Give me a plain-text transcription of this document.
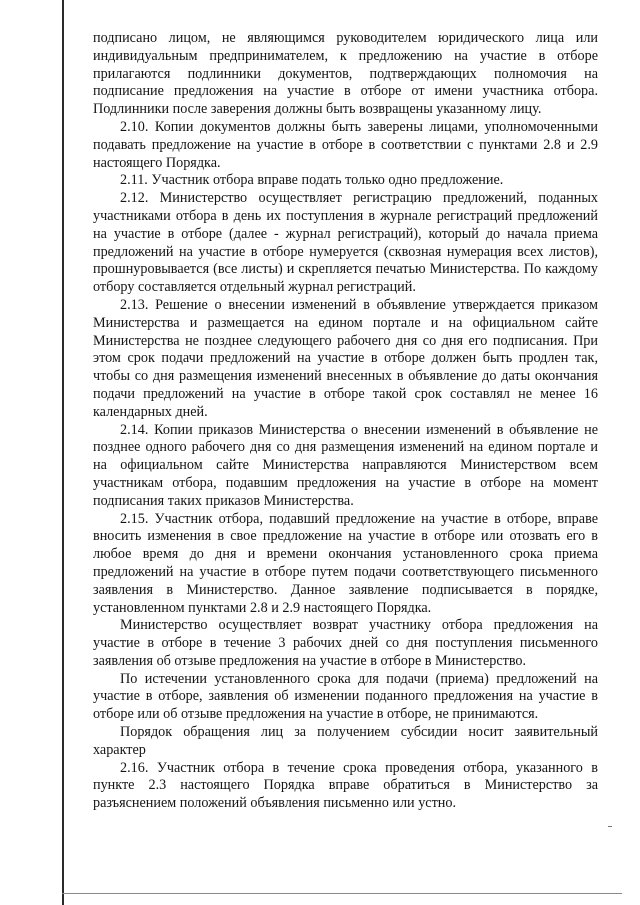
подписано лицом, не являющимся руководителем юридического лица или индивидуальным предпринимателем, к предложению на участие в отборе прилагаются подлинники документов, подтверждающих полномочия на подписание предложения на участие в отборе от имени участника отбора. Подлинники после заверения должны быть возвращены указанному лицу.

2.10. Копии документов должны быть заверены лицами, уполномоченными подавать предложение на участие в отборе в соответствии с пунктами 2.8 и 2.9 настоящего Порядка.

2.11. Участник отбора вправе подать только одно предложение.

2.12. Министерство осуществляет регистрацию предложений, поданных участниками отбора в день их поступления в журнале регистраций предложений на участие в отборе (далее - журнал регистраций), который до начала приема предложений на участие в отборе нумеруется (сквозная нумерация всех листов), прошнуровывается (все листы) и скрепляется печатью Министерства. По каждому отбору составляется отдельный журнал регистраций.

2.13. Решение о внесении изменений в объявление утверждается приказом Министерства и размещается на едином портале и на официальном сайте Министерства не позднее следующего рабочего дня со дня его подписания. При этом срок подачи предложений на участие в отборе должен быть продлен так, чтобы со дня размещения изменений внесенных в объявление до даты окончания подачи предложений на участие в отборе такой срок составлял не менее 16 календарных дней.

2.14. Копии приказов Министерства о внесении изменений в объявление не позднее одного рабочего дня со дня размещения изменений на едином портале и на официальном сайте Министерства направляются Министерством всем участникам отбора, подавшим предложения на участие в отборе на момент подписания таких приказов Министерства.

2.15. Участник отбора, подавший предложение на участие в отборе, вправе вносить изменения в свое предложение на участие в отборе или отозвать его в любое время до дня и времени окончания установленного срока приема предложений на участие в отборе путем подачи соответствующего письменного заявления в Министерство. Данное заявление подписывается в порядке, установленном пунктами 2.8 и 2.9 настоящего Порядка.

Министерство осуществляет возврат участнику отбора предложения на участие в отборе в течение 3 рабочих дней со дня поступления письменного заявления об отзыве предложения на участие в отборе в Министерство.

По истечении установленного срока для подачи (приема) предложений на участие в отборе, заявления об изменении поданного предложения на участие в отборе или об отзыве предложения на участие в отборе, не принимаются.

Порядок обращения лиц за получением субсидии носит заявительный характер

2.16. Участник отбора в течение срока проведения отбора, указанного в пункте 2.3 настоящего Порядка вправе обратиться в Министерство за разъяснением положений объявления письменно или устно.
